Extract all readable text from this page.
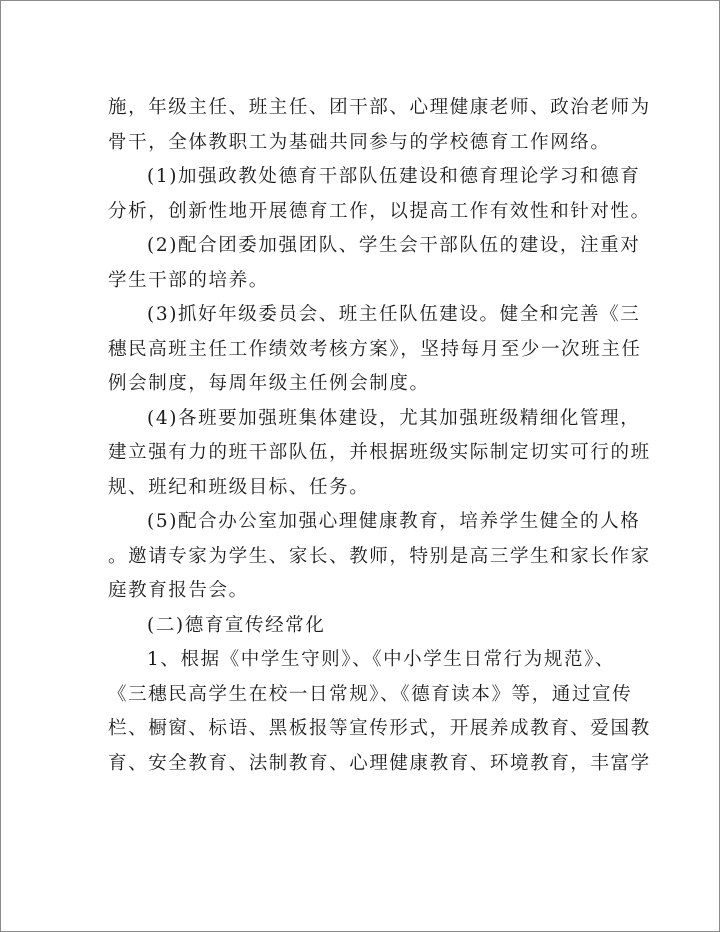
施，年级主任、班主任、团干部、心理健康老师、政治老师为
骨干，全体教职工为基础共同参与的学校德育工作网络。
(1)加强政教处德育干部队伍建设和德育理论学习和德育
分析，创新性地开展德育工作，以提高工作有效性和针对性。
(2)配合团委加强团队、学生会干部队伍的建设，注重对
学生干部的培养。
(3)抓好年级委员会、班主任队伍建设。健全和完善《三
穗民高班主任工作绩效考核方案》，坚持每月至少一次班主任
例会制度，每周年级主任例会制度。
(4)各班要加强班集体建设，尤其加强班级精细化管理，
建立强有力的班干部队伍，并根据班级实际制定切实可行的班
规、班纪和班级目标、任务。
(5)配合办公室加强心理健康教育，培养学生健全的人格
。邀请专家为学生、家长、教师，特别是高三学生和家长作家
庭教育报告会。
(二)德育宣传经常化
1、根据《中学生守则》、《中小学生日常行为规范》、
《三穗民高学生在校一日常规》、《德育读本》等，通过宣传
栏、橱窗、标语、黑板报等宣传形式，开展养成教育、爱国教
育、安全教育、法制教育、心理健康教育、环境教育，丰富学
